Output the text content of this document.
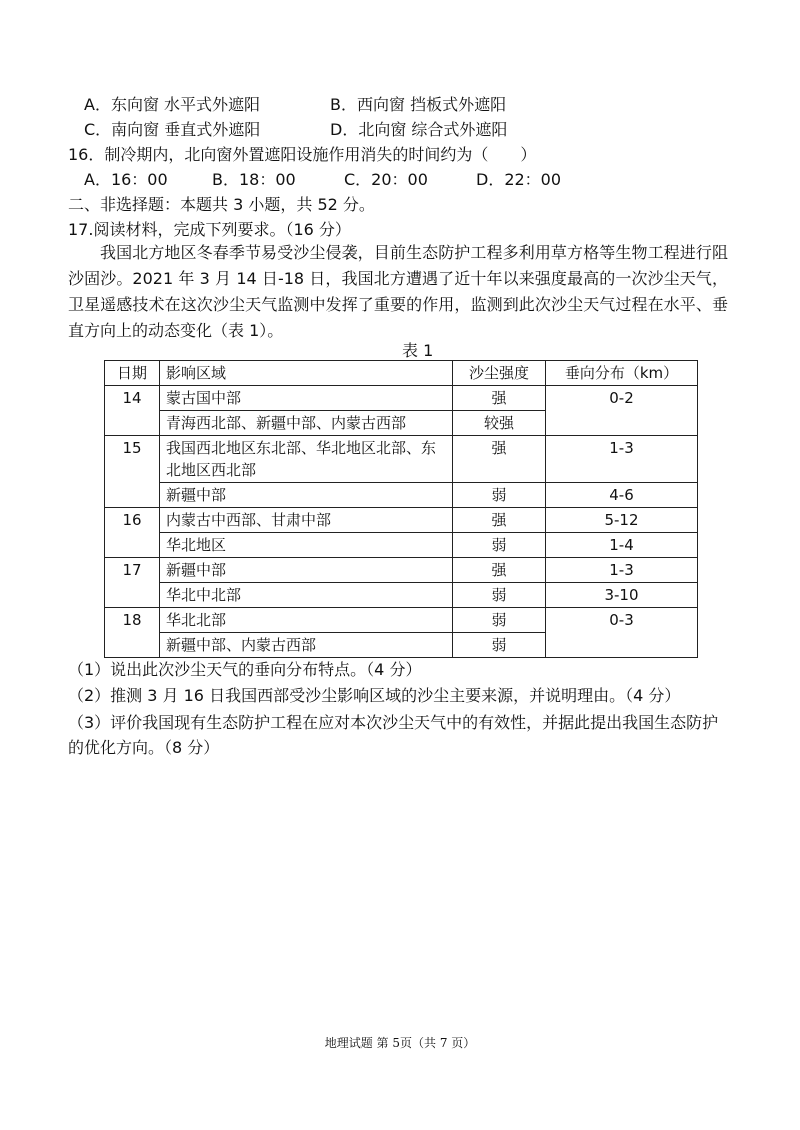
A．东向窗 水平式外遮阳	B．西向窗 挡板式外遮阳
C．南向窗 垂直式外遮阳	D．北向窗 综合式外遮阳
16．制冷期内，北向窗外置遮阳设施作用消失的时间约为（　　）
A．16：00	B．18：00	C．20：00	D．22：00
二、非选择题：本题共 3 小题，共 52 分。
17.阅读材料，完成下列要求。（16 分）
我国北方地区冬春季节易受沙尘侵袭，目前生态防护工程多利用草方格等生物工程进行阻沙固沙。2021 年 3 月 14 日-18 日，我国北方遭遇了近十年以来强度最高的一次沙尘天气，卫星遥感技术在这次沙尘天气监测中发挥了重要的作用，监测到此次沙尘天气过程在水平、垂直方向上的动态变化（表 1）。
表 1
日期	影响区域	沙尘强度	垂向分布（km）
14	蒙古国中部	强	0-2
	青海西北部、新疆中部、内蒙古西部	较强	
15	我国西北地区东北部、华北地区北部、东北地区西北部	强	1-3
	新疆中部	弱	4-6
16	内蒙古中西部、甘肃中部	强	5-12
	华北地区	弱	1-4
17	新疆中部	强	1-3
	华北中北部	弱	3-10
18	华北北部	弱	0-3
	新疆中部、内蒙古西部	弱	
（1）说出此次沙尘天气的垂向分布特点。（4 分）
（2）推测 3 月 16 日我国西部受沙尘影响区域的沙尘主要来源，并说明理由。（4 分）
（3）评价我国现有生态防护工程在应对本次沙尘天气中的有效性，并据此提出我国生态防护的优化方向。（8 分）
地理试题 第 5页（共 7 页）
